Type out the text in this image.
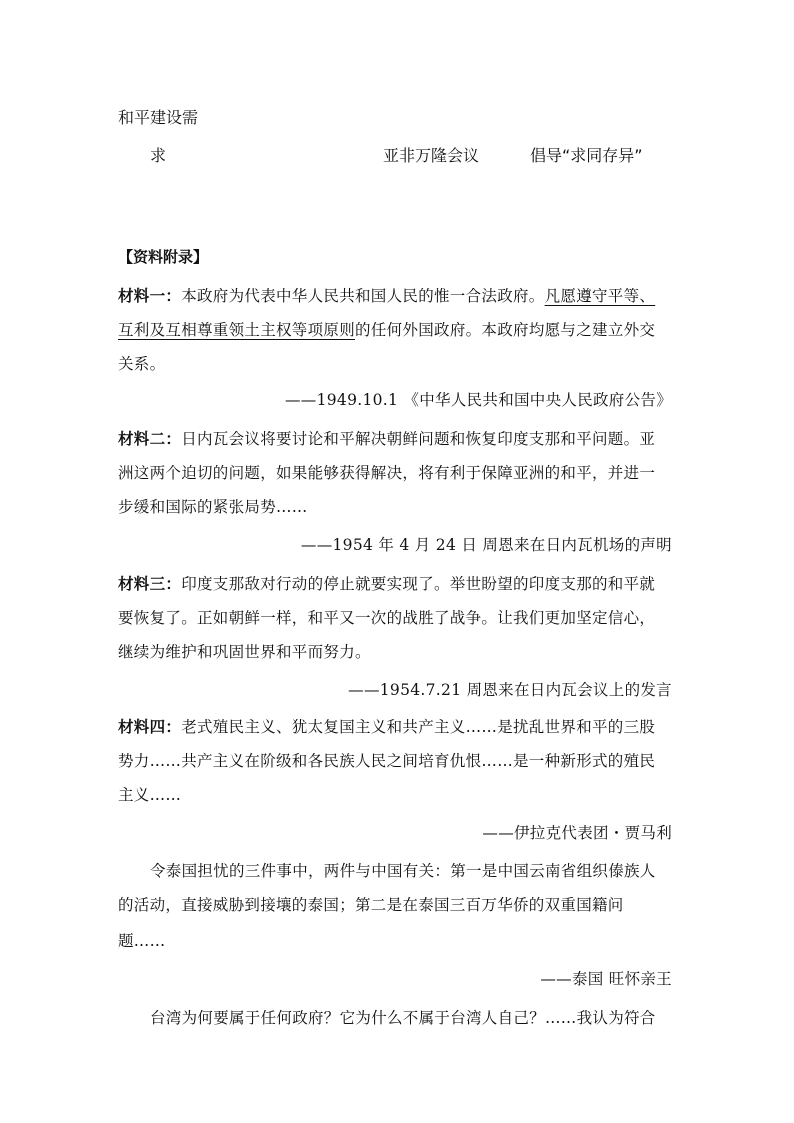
和平建设需
求	亚非万隆会议	倡导“求同存异”
【资料附录】
材料一：本政府为代表中华人民共和国人民的惟一合法政府。凡愿遵守平等、
互利及互相尊重领土主权等项原则的任何外国政府。本政府均愿与之建立外交
关系。
——1949.10.1 《中华人民共和国中央人民政府公告》
材料二：日内瓦会议将要讨论和平解决朝鲜问题和恢复印度支那和平问题。亚
洲这两个迫切的问题，如果能够获得解决，将有利于保障亚洲的和平，并进一
步缓和国际的紧张局势……
——1954 年 4 月 24 日 周恩来在日内瓦机场的声明
材料三：印度支那敌对行动的停止就要实现了。举世盼望的印度支那的和平就
要恢复了。正如朝鲜一样，和平又一次的战胜了战争。让我们更加坚定信心，
继续为维护和巩固世界和平而努力。
——1954.7.21 周恩来在日内瓦会议上的发言
材料四：老式殖民主义、犹太复国主义和共产主义……是扰乱世界和平的三股
势力……共产主义在阶级和各民族人民之间培育仇恨……是一种新形式的殖民
主义……
——伊拉克代表团・贾马利
令泰国担忧的三件事中，两件与中国有关：第一是中国云南省组织傣族人
的活动，直接威胁到接壤的泰国；第二是在泰国三百万华侨的双重国籍问
题……
——泰国 旺怀亲王
台湾为何要属于任何政府？它为什么不属于台湾人自己？……我认为符合
